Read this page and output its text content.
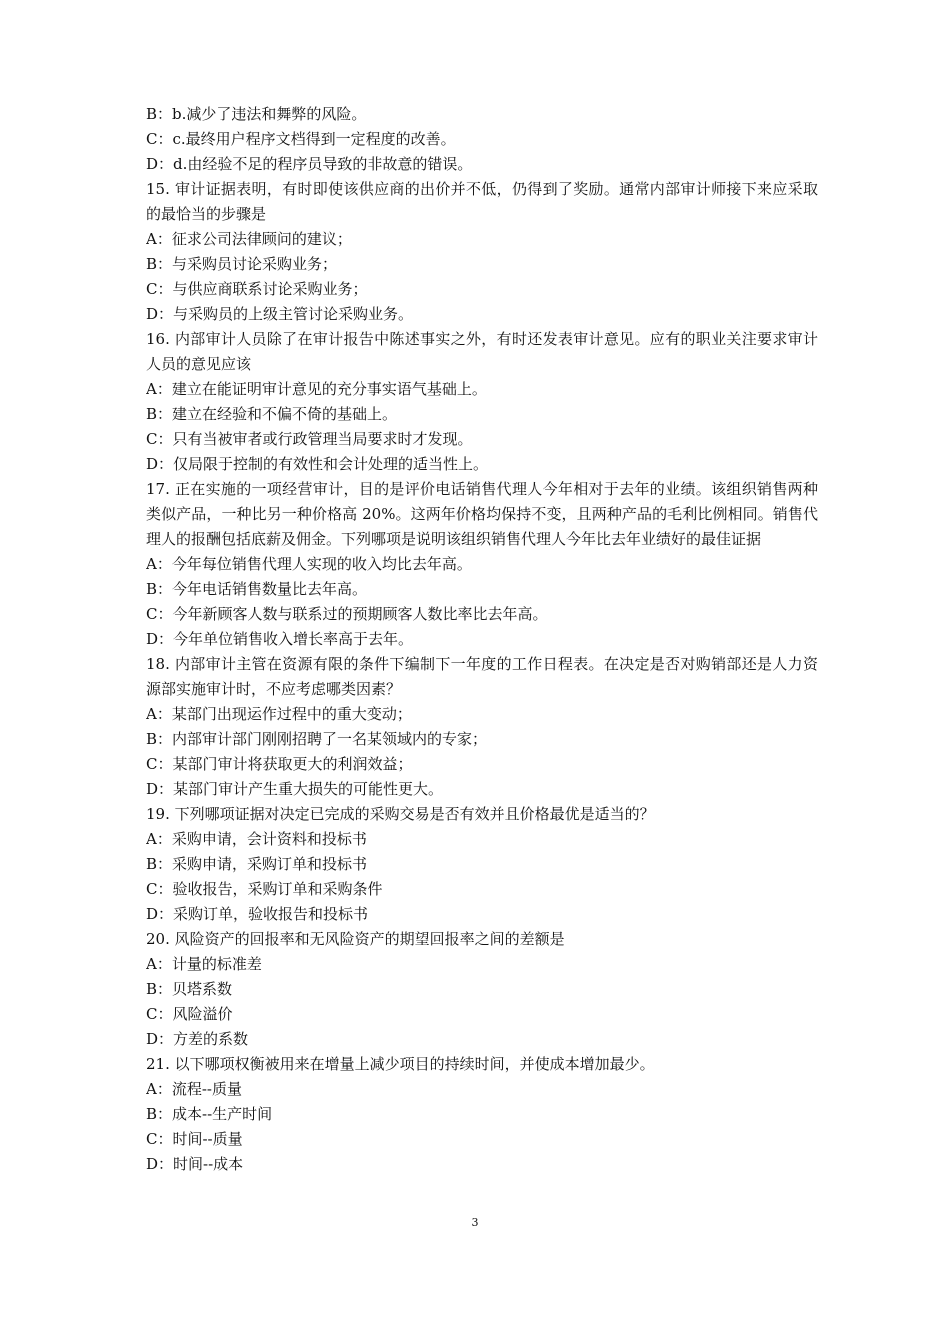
B：b.减少了违法和舞弊的风险。
C：c.最终用户程序文档得到一定程度的改善。
D：d.由经验不足的程序员导致的非故意的错误。
15. 审计证据表明，有时即使该供应商的出价并不低，仍得到了奖励。通常内部审计师接下来应采取的最恰当的步骤是
A：征求公司法律顾问的建议；
B：与采购员讨论采购业务；
C：与供应商联系讨论采购业务；
D：与采购员的上级主管讨论采购业务。
16. 内部审计人员除了在审计报告中陈述事实之外，有时还发表审计意见。应有的职业关注要求审计人员的意见应该
A：建立在能证明审计意见的充分事实语气基础上。
B：建立在经验和不偏不倚的基础上。
C：只有当被审者或行政管理当局要求时才发现。
D：仅局限于控制的有效性和会计处理的适当性上。
17. 正在实施的一项经营审计，目的是评价电话销售代理人今年相对于去年的业绩。该组织销售两种类似产品，一种比另一种价格高 20%。这两年价格均保持不变，且两种产品的毛利比例相同。销售代理人的报酬包括底薪及佣金。下列哪项是说明该组织销售代理人今年比去年业绩好的最佳证据
A：今年每位销售代理人实现的收入均比去年高。
B：今年电话销售数量比去年高。
C：今年新顾客人数与联系过的预期顾客人数比率比去年高。
D：今年单位销售收入增长率高于去年。
18. 内部审计主管在资源有限的条件下编制下一年度的工作日程表。在决定是否对购销部还是人力资源部实施审计时，不应考虑哪类因素？
A：某部门出现运作过程中的重大变动；
B：内部审计部门刚刚招聘了一名某领域内的专家；
C：某部门审计将获取更大的利润效益；
D：某部门审计产生重大损失的可能性更大。
19. 下列哪项证据对决定已完成的采购交易是否有效并且价格最优是适当的？
A：采购申请，会计资料和投标书
B：采购申请，采购订单和投标书
C：验收报告，采购订单和采购条件
D：采购订单，验收报告和投标书
20. 风险资产的回报率和无风险资产的期望回报率之间的差额是
A：计量的标准差
B：贝塔系数
C：风险溢价
D：方差的系数
21. 以下哪项权衡被用来在增量上减少项目的持续时间，并使成本增加最少。
A：流程--质量
B：成本--生产时间
C：时间--质量
D：时间--成本
3
